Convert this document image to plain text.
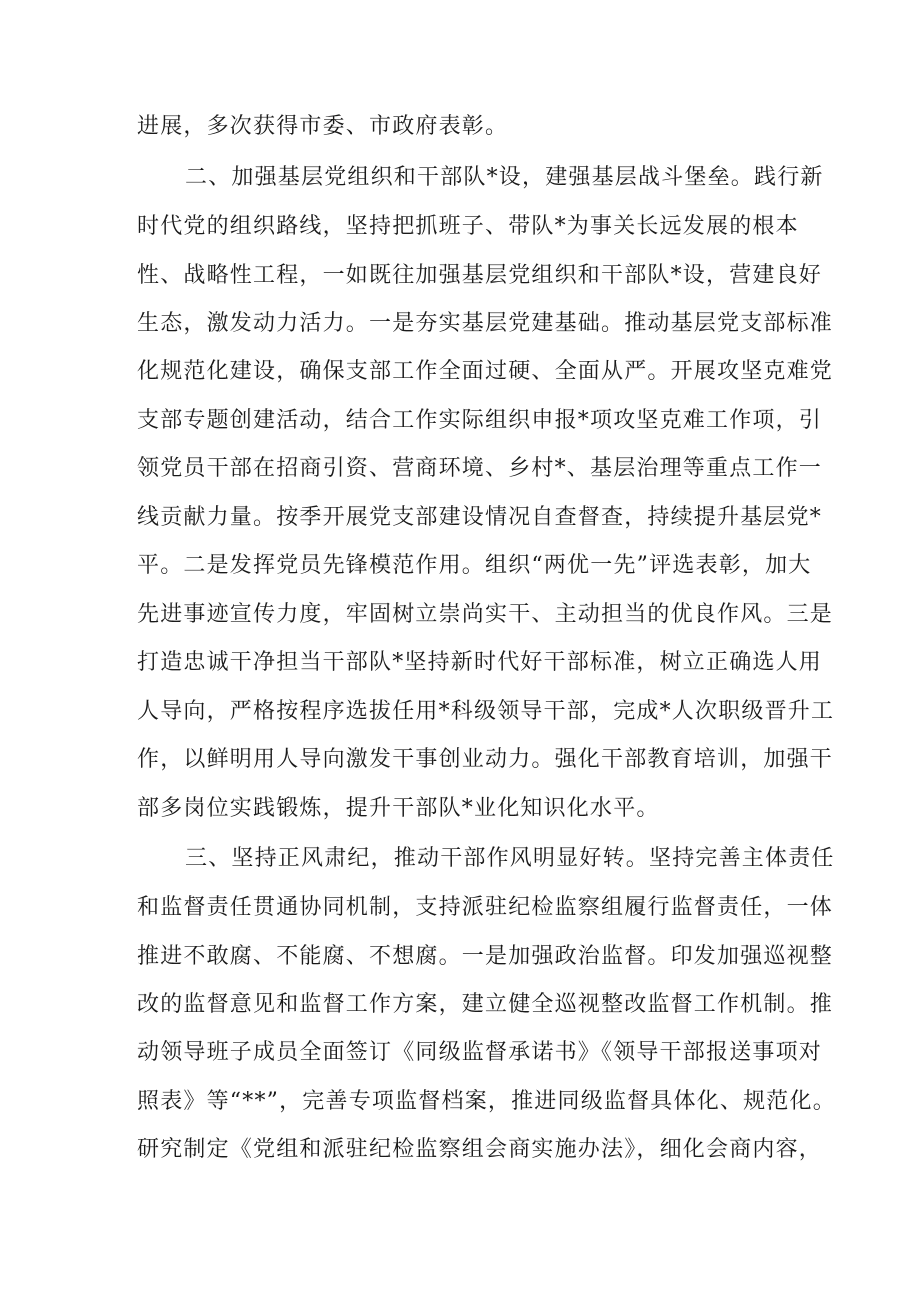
进展，多次获得市委、市政府表彰。
二、加强基层党组织和干部队*设，建强基层战斗堡垒。践行新
时代党的组织路线，坚持把抓班子、带队*为事关长远发展的根本
性、战略性工程，一如既往加强基层党组织和干部队*设，营建良好
生态，激发动力活力。一是夯实基层党建基础。推动基层党支部标准
化规范化建设，确保支部工作全面过硬、全面从严。开展攻坚克难党
支部专题创建活动，结合工作实际组织申报*项攻坚克难工作项，引
领党员干部在招商引资、营商环境、乡村*、基层治理等重点工作一
线贡献力量。按季开展党支部建设情况自查督查，持续提升基层党*
平。二是发挥党员先锋模范作用。组织“两优一先”评选表彰，加大
先进事迹宣传力度，牢固树立崇尚实干、主动担当的优良作风。三是
打造忠诚干净担当干部队*坚持新时代好干部标准，树立正确选人用
人导向，严格按程序选拔任用*科级领导干部，完成*人次职级晋升工
作，以鲜明用人导向激发干事创业动力。强化干部教育培训，加强干
部多岗位实践锻炼，提升干部队*业化知识化水平。
三、坚持正风肃纪，推动干部作风明显好转。坚持完善主体责任
和监督责任贯通协同机制，支持派驻纪检监察组履行监督责任，一体
推进不敢腐、不能腐、不想腐。一是加强政治监督。印发加强巡视整
改的监督意见和监督工作方案，建立健全巡视整改监督工作机制。推
动领导班子成员全面签订《同级监督承诺书》《领导干部报送事项对
照表》等“**”，完善专项监督档案，推进同级监督具体化、规范化。
研究制定《党组和派驻纪检监察组会商实施办法》，细化会商内容，
